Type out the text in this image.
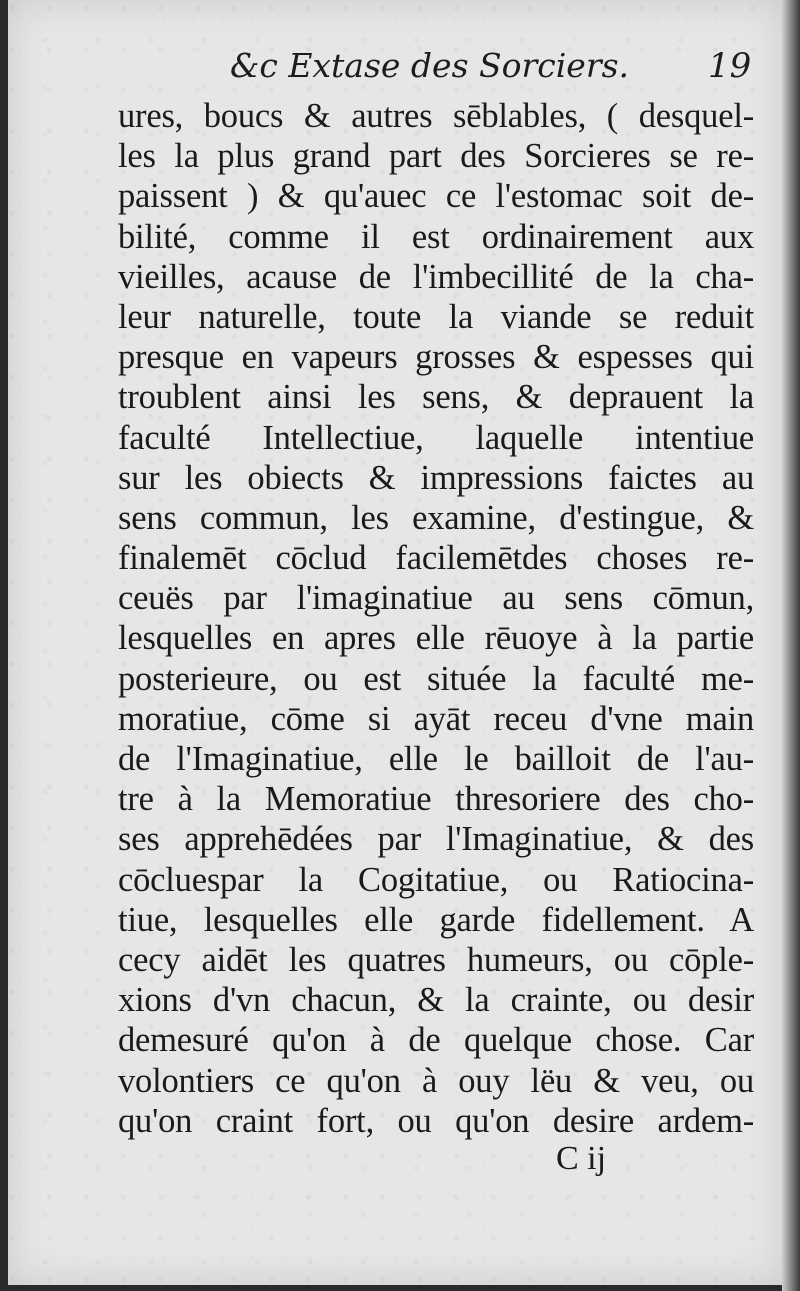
&c Extase des Sorciers. 19
ures, boucs & autres sēblables, ( desquel-
les la plus grand part des Sorcieres se re-
paissent ) & qu'auec ce l'estomac soit de-
bilité, comme il est ordinairement aux
vieilles, acause de l'imbecillité de la cha-
leur naturelle, toute la viande se reduit
presque en vapeurs grosses & espesses qui
troublent ainsi les sens, & deprauent la
faculté Intellectiue, laquelle intentiue
sur les obiects & impressions faictes au
sens commun, les examine, d'estingue, &
finalemēt cōclud facilemētdes choses re-
ceuës par l'imaginatiue au sens cōmun,
lesquelles en apres elle rēuoye à la partie
posterieure, ou est située la faculté me-
moratiue, cōme si ayāt receu d'vne main
de l'Imaginatiue, elle le bailloit de l'au-
tre à la Memoratiue thresoriere des cho-
ses apprehēdées par l'Imaginatiue, & des
cōcluespar la Cogitatiue, ou Ratiocina-
tiue, lesquelles elle garde fidellement. A
cecy aidēt les quatres humeurs, ou cōple-
xions d'vn chacun, & la crainte, ou desir
demesuré qu'on à de quelque chose. Car
volontiers ce qu'on à ouy lëu & veu, ou
qu'on craint fort, ou qu'on desire ardem-
C ij
